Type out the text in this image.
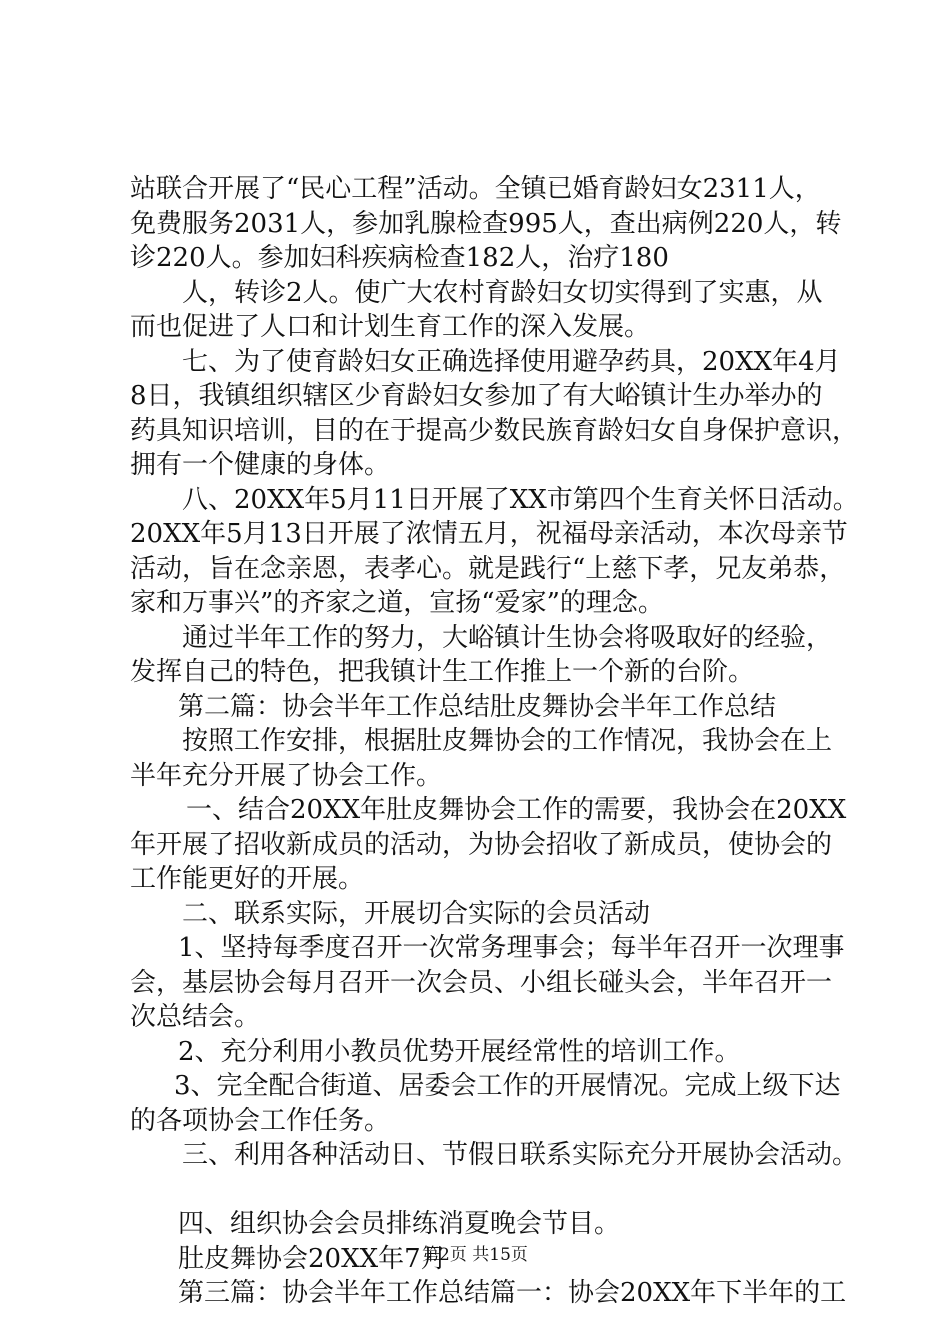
站联合开展了“民心工程”活动。全镇已婚育龄妇女2311人，
免费服务2031人，参加乳腺检查995人，查出病例220人，转
诊220人。参加妇科疾病检查182人，治疗180
人，转诊2人。使广大农村育龄妇女切实得到了实惠，从
而也促进了人口和计划生育工作的深入发展。
七、为了使育龄妇女正确选择使用避孕药具，20XX年4月
8日，我镇组织辖区少育龄妇女参加了有大峪镇计生办举办的
药具知识培训，目的在于提高少数民族育龄妇女自身保护意识，
拥有一个健康的身体。
八、20XX年5月11日开展了XX市第四个生育关怀日活动。
20XX年5月13日开展了浓情五月，祝福母亲活动，本次母亲节
活动，旨在念亲恩，表孝心。就是践行“上慈下孝，兄友弟恭，
家和万事兴”的齐家之道，宣扬“爱家”的理念。
通过半年工作的努力，大峪镇计生协会将吸取好的经验，
发挥自己的特色，把我镇计生工作推上一个新的台阶。
第二篇：协会半年工作总结肚皮舞协会半年工作总结
按照工作安排，根据肚皮舞协会的工作情况，我协会在上
半年充分开展了协会工作。
一、结合20XX年肚皮舞协会工作的需要，我协会在20XX
年开展了招收新成员的活动，为协会招收了新成员，使协会的
工作能更好的开展。
二、联系实际，开展切合实际的会员活动
1、坚持每季度召开一次常务理事会；每半年召开一次理事
会，基层协会每月召开一次会员、小组长碰头会，半年召开一
次总结会。
2、充分利用小教员优势开展经常性的培训工作。
3、完全配合街道、居委会工作的开展情况。完成上级下达
的各项协会工作任务。
三、利用各种活动日、节假日联系实际充分开展协会活动。
四、组织协会会员排练消夏晚会节目。
肚皮舞协会20XX年7月
第三篇：协会半年工作总结篇一：协会20XX年下半年的工
第2页 共15页
